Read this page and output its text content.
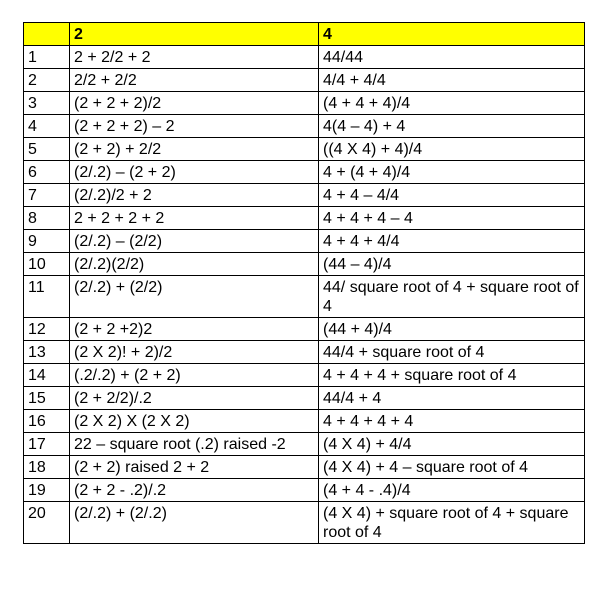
	2	4
1	2 + 2/2 + 2	44/44
2	2/2 + 2/2	4/4 + 4/4
3	(2 + 2 + 2)/2	(4 + 4 + 4)/4
4	(2 + 2 + 2) – 2	4(4 – 4) + 4
5	(2 + 2) + 2/2	((4 X 4) + 4)/4
6	(2/.2) – (2 + 2)	4 + (4 + 4)/4
7	(2/.2)/2 + 2	4 + 4 – 4/4
8	2 + 2 + 2 + 2	4 + 4 + 4 – 4
9	(2/.2) – (2/2)	4 + 4 + 4/4
10	(2/.2)(2/2)	(44 – 4)/4
11	(2/.2) + (2/2)	44/ square root of 4 + square root of 4
12	(2 + 2 +2)2	(44 + 4)/4
13	(2 X 2)! + 2)/2	44/4 + square root of 4
14	(.2/.2) + (2 + 2)	4 + 4 + 4 + square root of 4
15	(2 + 2/2)/.2	44/4 + 4
16	(2 X 2) X (2 X 2)	4 + 4 + 4 + 4
17	22 – square root (.2) raised -2	(4 X 4) + 4/4
18	(2 + 2) raised 2 + 2	(4 X 4) + 4 – square root of 4
19	(2 + 2 - .2)/.2	(4 + 4 - .4)/4
20	(2/.2) + (2/.2)	(4 X 4) + square root of 4 + square root of 4
